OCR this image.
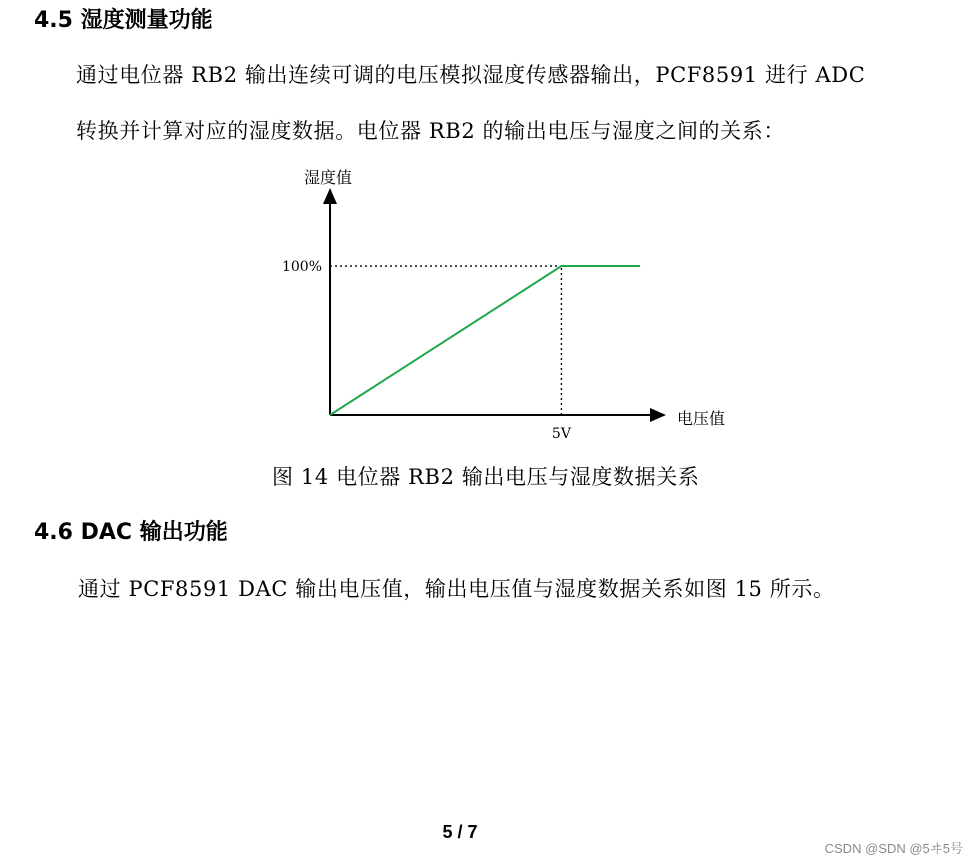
4.5 湿度测量功能
通过电位器 RB2 输出连续可调的电压模拟湿度传感器输出，PCF8591 进行 ADC
转换并计算对应的湿度数据。电位器 RB2 的输出电压与湿度之间的关系：
湿度值
电压值
100%
5V
图 14 电位器 RB2 输出电压与湿度数据关系
4.6 DAC 输出功能
通过 PCF8591 DAC 输出电压值，输出电压值与湿度数据关系如图 15 所示。
5 / 7
CSDN @SDN @5ヰ5号
